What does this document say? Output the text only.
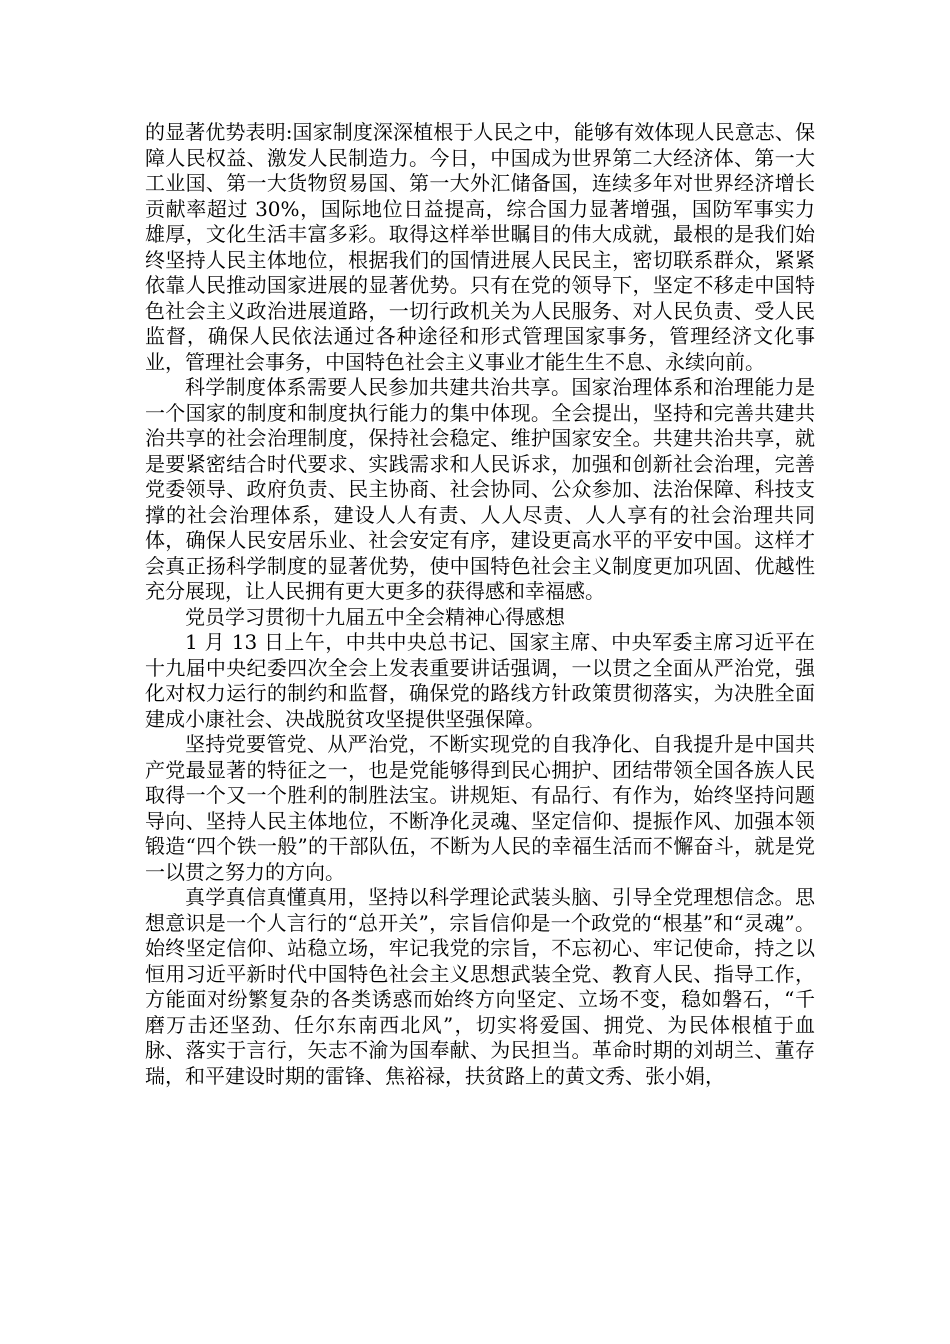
的显著优势表明:国家制度深深植根于人民之中，能够有效体现人民意志、保障人民权益、激发人民制造力。今日，中国成为世界第二大经济体、第一大工业国、第一大货物贸易国、第一大外汇储备国，连续多年对世界经济增长贡献率超过 30%，国际地位日益提高，综合国力显著增强，国防军事实力雄厚，文化生活丰富多彩。取得这样举世瞩目的伟大成就，最根的是我们始终坚持人民主体地位，根据我们的国情进展人民民主，密切联系群众，紧紧依靠人民推动国家进展的显著优势。只有在党的领导下，坚定不移走中国特色社会主义政治进展道路，一切行政机关为人民服务、对人民负责、受人民监督，确保人民依法通过各种途径和形式管理国家事务，管理经济文化事业，管理社会事务，中国特色社会主义事业才能生生不息、永续向前。

科学制度体系需要人民参加共建共治共享。国家治理体系和治理能力是一个国家的制度和制度执行能力的集中体现。全会提出，坚持和完善共建共治共享的社会治理制度，保持社会稳定、维护国家安全。共建共治共享，就是要紧密结合时代要求、实践需求和人民诉求，加强和创新社会治理，完善党委领导、政府负责、民主协商、社会协同、公众参加、法治保障、科技支撑的社会治理体系，建设人人有责、人人尽责、人人享有的社会治理共同体，确保人民安居乐业、社会安定有序，建设更高水平的平安中国。这样才会真正扬科学制度的显著优势，使中国特色社会主义制度更加巩固、优越性充分展现，让人民拥有更大更多的获得感和幸福感。

党员学习贯彻十九届五中全会精神心得感想

1 月 13 日上午，中共中央总书记、国家主席、中央军委主席习近平在十九届中央纪委四次全会上发表重要讲话强调，一以贯之全面从严治党，强化对权力运行的制约和监督，确保党的路线方针政策贯彻落实，为决胜全面建成小康社会、决战脱贫攻坚提供坚强保障。

坚持党要管党、从严治党，不断实现党的自我净化、自我提升是中国共产党最显著的特征之一，也是党能够得到民心拥护、团结带领全国各族人民取得一个又一个胜利的制胜法宝。讲规矩、有品行、有作为，始终坚持问题导向、坚持人民主体地位，不断净化灵魂、坚定信仰、提振作风、加强本领锻造“四个铁一般”的干部队伍，不断为人民的幸福生活而不懈奋斗，就是党一以贯之努力的方向。

真学真信真懂真用，坚持以科学理论武装头脑、引导全党理想信念。思想意识是一个人言行的“总开关”，宗旨信仰是一个政党的“根基”和“灵魂”。始终坚定信仰、站稳立场，牢记我党的宗旨，不忘初心、牢记使命，持之以恒用习近平新时代中国特色社会主义思想武装全党、教育人民、指导工作，方能面对纷繁复杂的各类诱惑而始终方向坚定、立场不变，稳如磐石，“千磨万击还坚劲、任尔东南西北风”，切实将爱国、拥党、为民体根植于血脉、落实于言行，矢志不渝为国奉献、为民担当。革命时期的刘胡兰、董存瑞，和平建设时期的雷锋、焦裕禄，扶贫路上的黄文秀、张小娟，
